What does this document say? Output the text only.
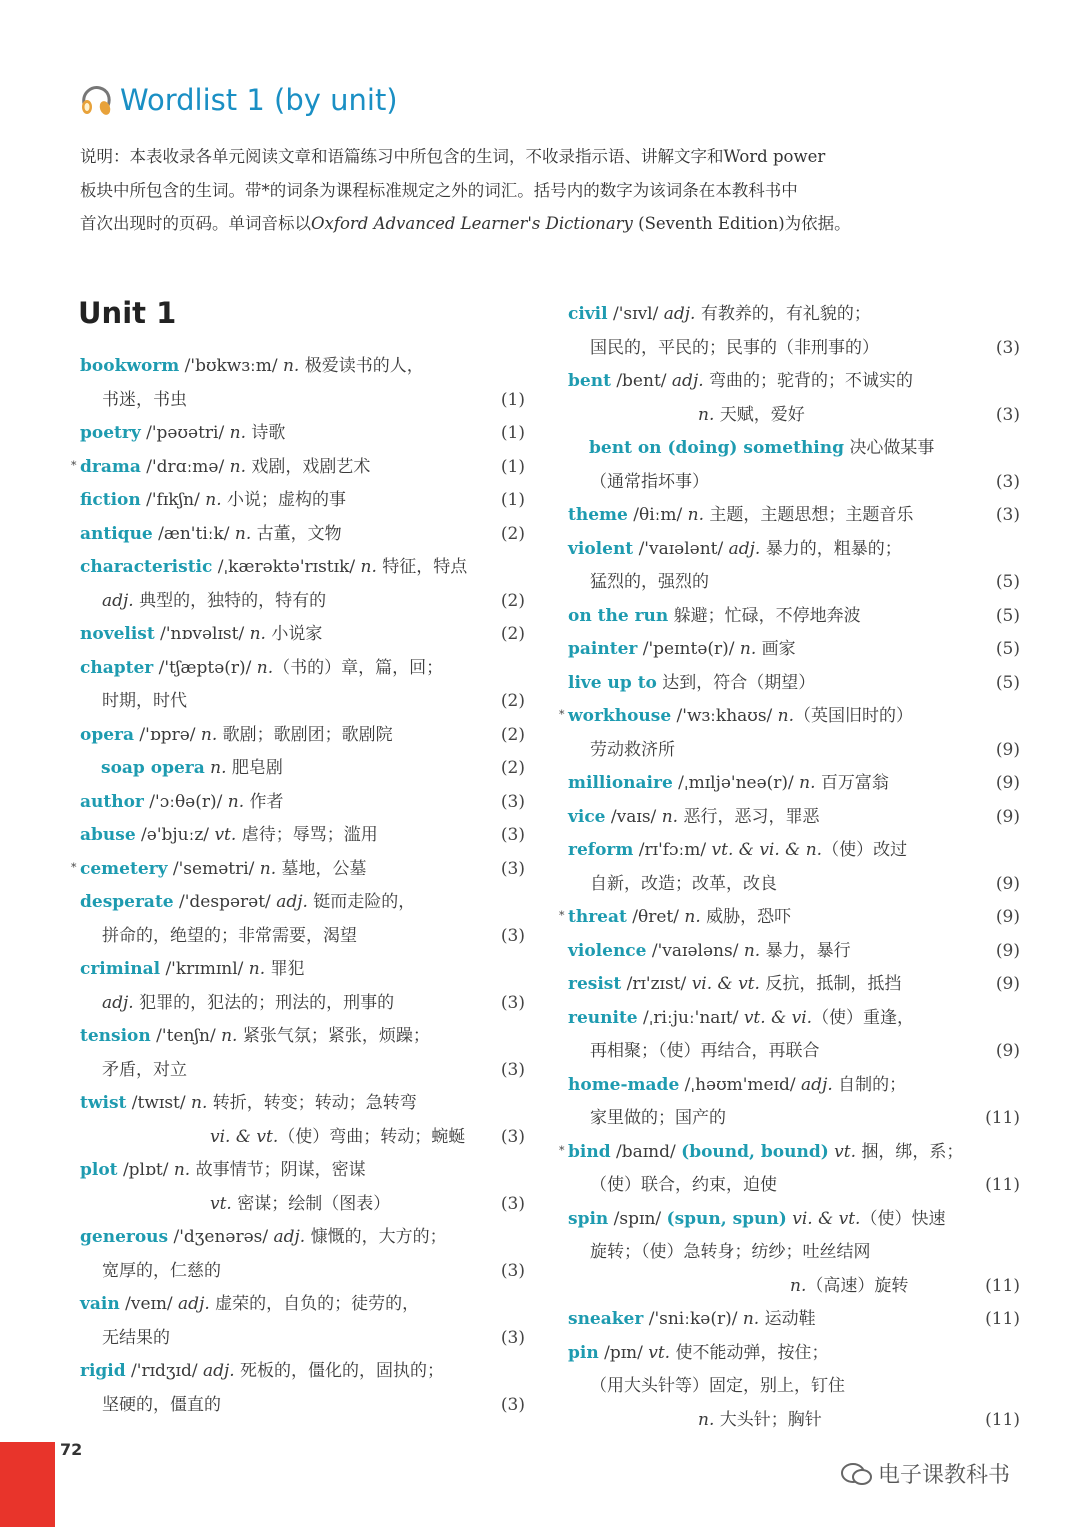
Wordlist 1 (by unit)
说明：本表收录各单元阅读文章和语篇练习中所包含的生词，不收录指示语、讲解文字和Word power
板块中所包含的生词。带*的词条为课程标准规定之外的词汇。括号内的数字为该词条在本教科书中
首次出现时的页码。单词音标以Oxford Advanced Learner's Dictionary (Seventh Edition)为依据。
Unit 1
bookworm /'bʊkwɜːm/ n. 极爱读书的人，
书迷，书虫	(1)
poetry /'pəʊətri/ n. 诗歌	(1)
* drama /'drɑːmə/ n. 戏剧，戏剧艺术	(1)
fiction /'fɪkʃn/ n. 小说；虚构的事	(1)
antique /æn'tiːk/ n. 古董，文物	(2)
characteristic /ˌkærəktə'rɪstɪk/ n. 特征，特点
adj. 典型的，独特的，特有的	(2)
novelist /'nɒvəlɪst/ n. 小说家	(2)
chapter /'tʃæptə(r)/ n.（书的）章，篇，回；
时期，时代	(2)
opera /'ɒprə/ n. 歌剧；歌剧团；歌剧院	(2)
soap opera n. 肥皂剧	(2)
author /'ɔːθə(r)/ n. 作者	(3)
abuse /ə'bjuːz/ vt. 虐待；辱骂；滥用	(3)
* cemetery /'semətri/ n. 墓地，公墓	(3)
desperate /'despərət/ adj. 铤而走险的，
拼命的，绝望的；非常需要，渴望	(3)
criminal /'krɪmɪnl/ n. 罪犯
adj. 犯罪的，犯法的；刑法的，刑事的	(3)
tension /'tenʃn/ n. 紧张气氛；紧张，烦躁；
矛盾，对立	(3)
twist /twɪst/ n. 转折，转变；转动；急转弯
vi. & vt.（使）弯曲；转动；蜿蜒 (3)
plot /plɒt/ n. 故事情节；阴谋，密谋
vt. 密谋；绘制（图表）	(3)
generous /'dʒenərəs/ adj. 慷慨的，大方的；
宽厚的，仁慈的	(3)
vain /veɪn/ adj. 虚荣的，自负的；徒劳的，
无结果的	(3)
rigid /'rɪdʒɪd/ adj. 死板的，僵化的，固执的；
坚硬的，僵直的	(3)
civil /'sɪvl/ adj. 有教养的，有礼貌的；
国民的，平民的；民事的（非刑事的）	(3)
bent /bent/ adj. 弯曲的；驼背的；不诚实的
n. 天赋，爱好	(3)
bent on (doing) something 决心做某事
（通常指坏事）	(3)
theme /θiːm/ n. 主题，主题思想；主题音乐	(3)
violent /'vaɪələnt/ adj. 暴力的，粗暴的；
猛烈的，强烈的	(5)
on the run 躲避；忙碌，不停地奔波	(5)
painter /'peɪntə(r)/ n. 画家	(5)
live up to 达到，符合（期望）	(5)
* workhouse /'wɜːkhaʊs/ n.（英国旧时的）
劳动救济所	(9)
millionaire /ˌmɪljə'neə(r)/ n. 百万富翁	(9)
vice /vaɪs/ n. 恶行，恶习，罪恶	(9)
reform /rɪ'fɔːm/ vt. & vi. & n.（使）改过
自新，改造；改革，改良	(9)
* threat /θret/ n. 威胁，恐吓	(9)
violence /'vaɪələns/ n. 暴力，暴行	(9)
resist /rɪ'zɪst/ vi. & vt. 反抗，抵制，抵挡	(9)
reunite /ˌriːjuː'naɪt/ vt. & vi.（使）重逢，
再相聚；（使）再结合，再联合	(9)
home-made /ˌhəʊm'meɪd/ adj. 自制的；
家里做的；国产的	(11)
* bind /baɪnd/ (bound, bound) vt. 捆，绑，系；
（使）联合，约束，迫使	(11)
spin /spɪn/ (spun, spun) vi. & vt.（使）快速
旋转；（使）急转身；纺纱；吐丝结网
n.（高速）旋转	(11)
sneaker /'sniːkə(r)/ n. 运动鞋	(11)
pin /pɪn/ vt. 使不能动弹，按住；
（用大头针等）固定，别上，钉住
n. 大头针；胸针	(11)
72
电子课教科书
